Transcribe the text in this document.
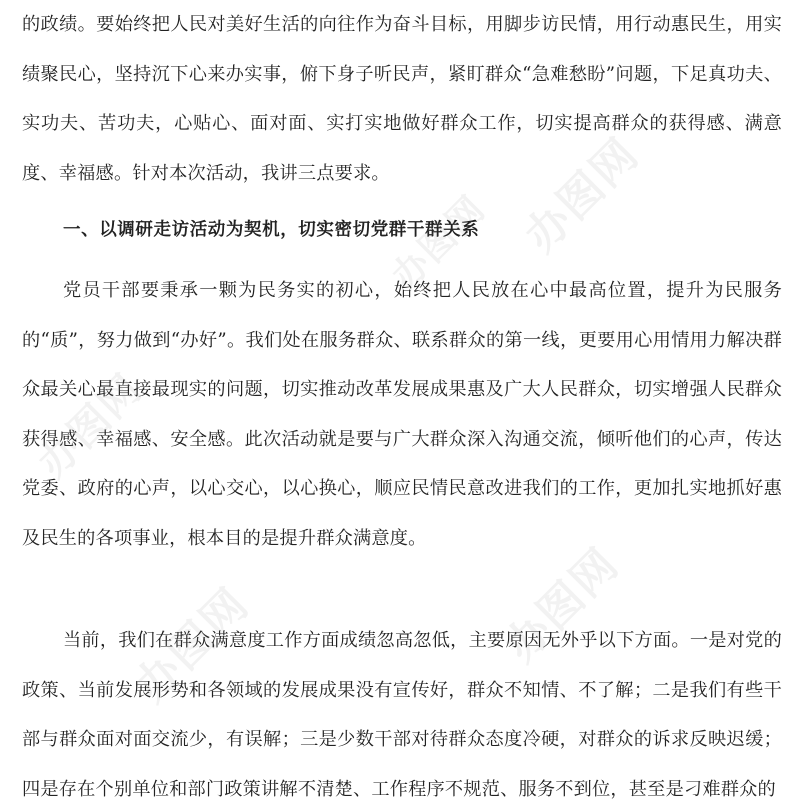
的政绩。要始终把人民对美好生活的向往作为奋斗目标，用脚步访民情，用行动惠民生，用实绩聚民心，坚持沉下心来办实事，俯下身子听民声，紧盯群众“急难愁盼”问题，下足真功夫、实功夫、苦功夫，心贴心、面对面、实打实地做好群众工作，切实提高群众的获得感、满意度、幸福感。针对本次活动，我讲三点要求。

一、以调研走访活动为契机，切实密切党群干群关系

党员干部要秉承一颗为民务实的初心，始终把人民放在心中最高位置，提升为民服务的“质”，努力做到“办好”。我们处在服务群众、联系群众的第一线，更要用心用情用力解决群众最关心最直接最现实的问题，切实推动改革发展成果惠及广大人民群众，切实增强人民群众获得感、幸福感、安全感。此次活动就是要与广大群众深入沟通交流，倾听他们的心声，传达党委、政府的心声，以心交心，以心换心，顺应民情民意改进我们的工作，更加扎实地抓好惠及民生的各项事业，根本目的是提升群众满意度。

当前，我们在群众满意度工作方面成绩忽高忽低，主要原因无外乎以下方面。一是对党的政策、当前发展形势和各领域的发展成果没有宣传好，群众不知情、不了解；二是我们有些干部与群众面对面交流少，有误解；三是少数干部对待群众态度冷硬，对群众的诉求反映迟缓；四是存在个别单位和部门政策讲解不清楚、工作程序不规范、服务不到位，甚至是刁难群众的

办图网
办图网
办图网
办图网	办图网
